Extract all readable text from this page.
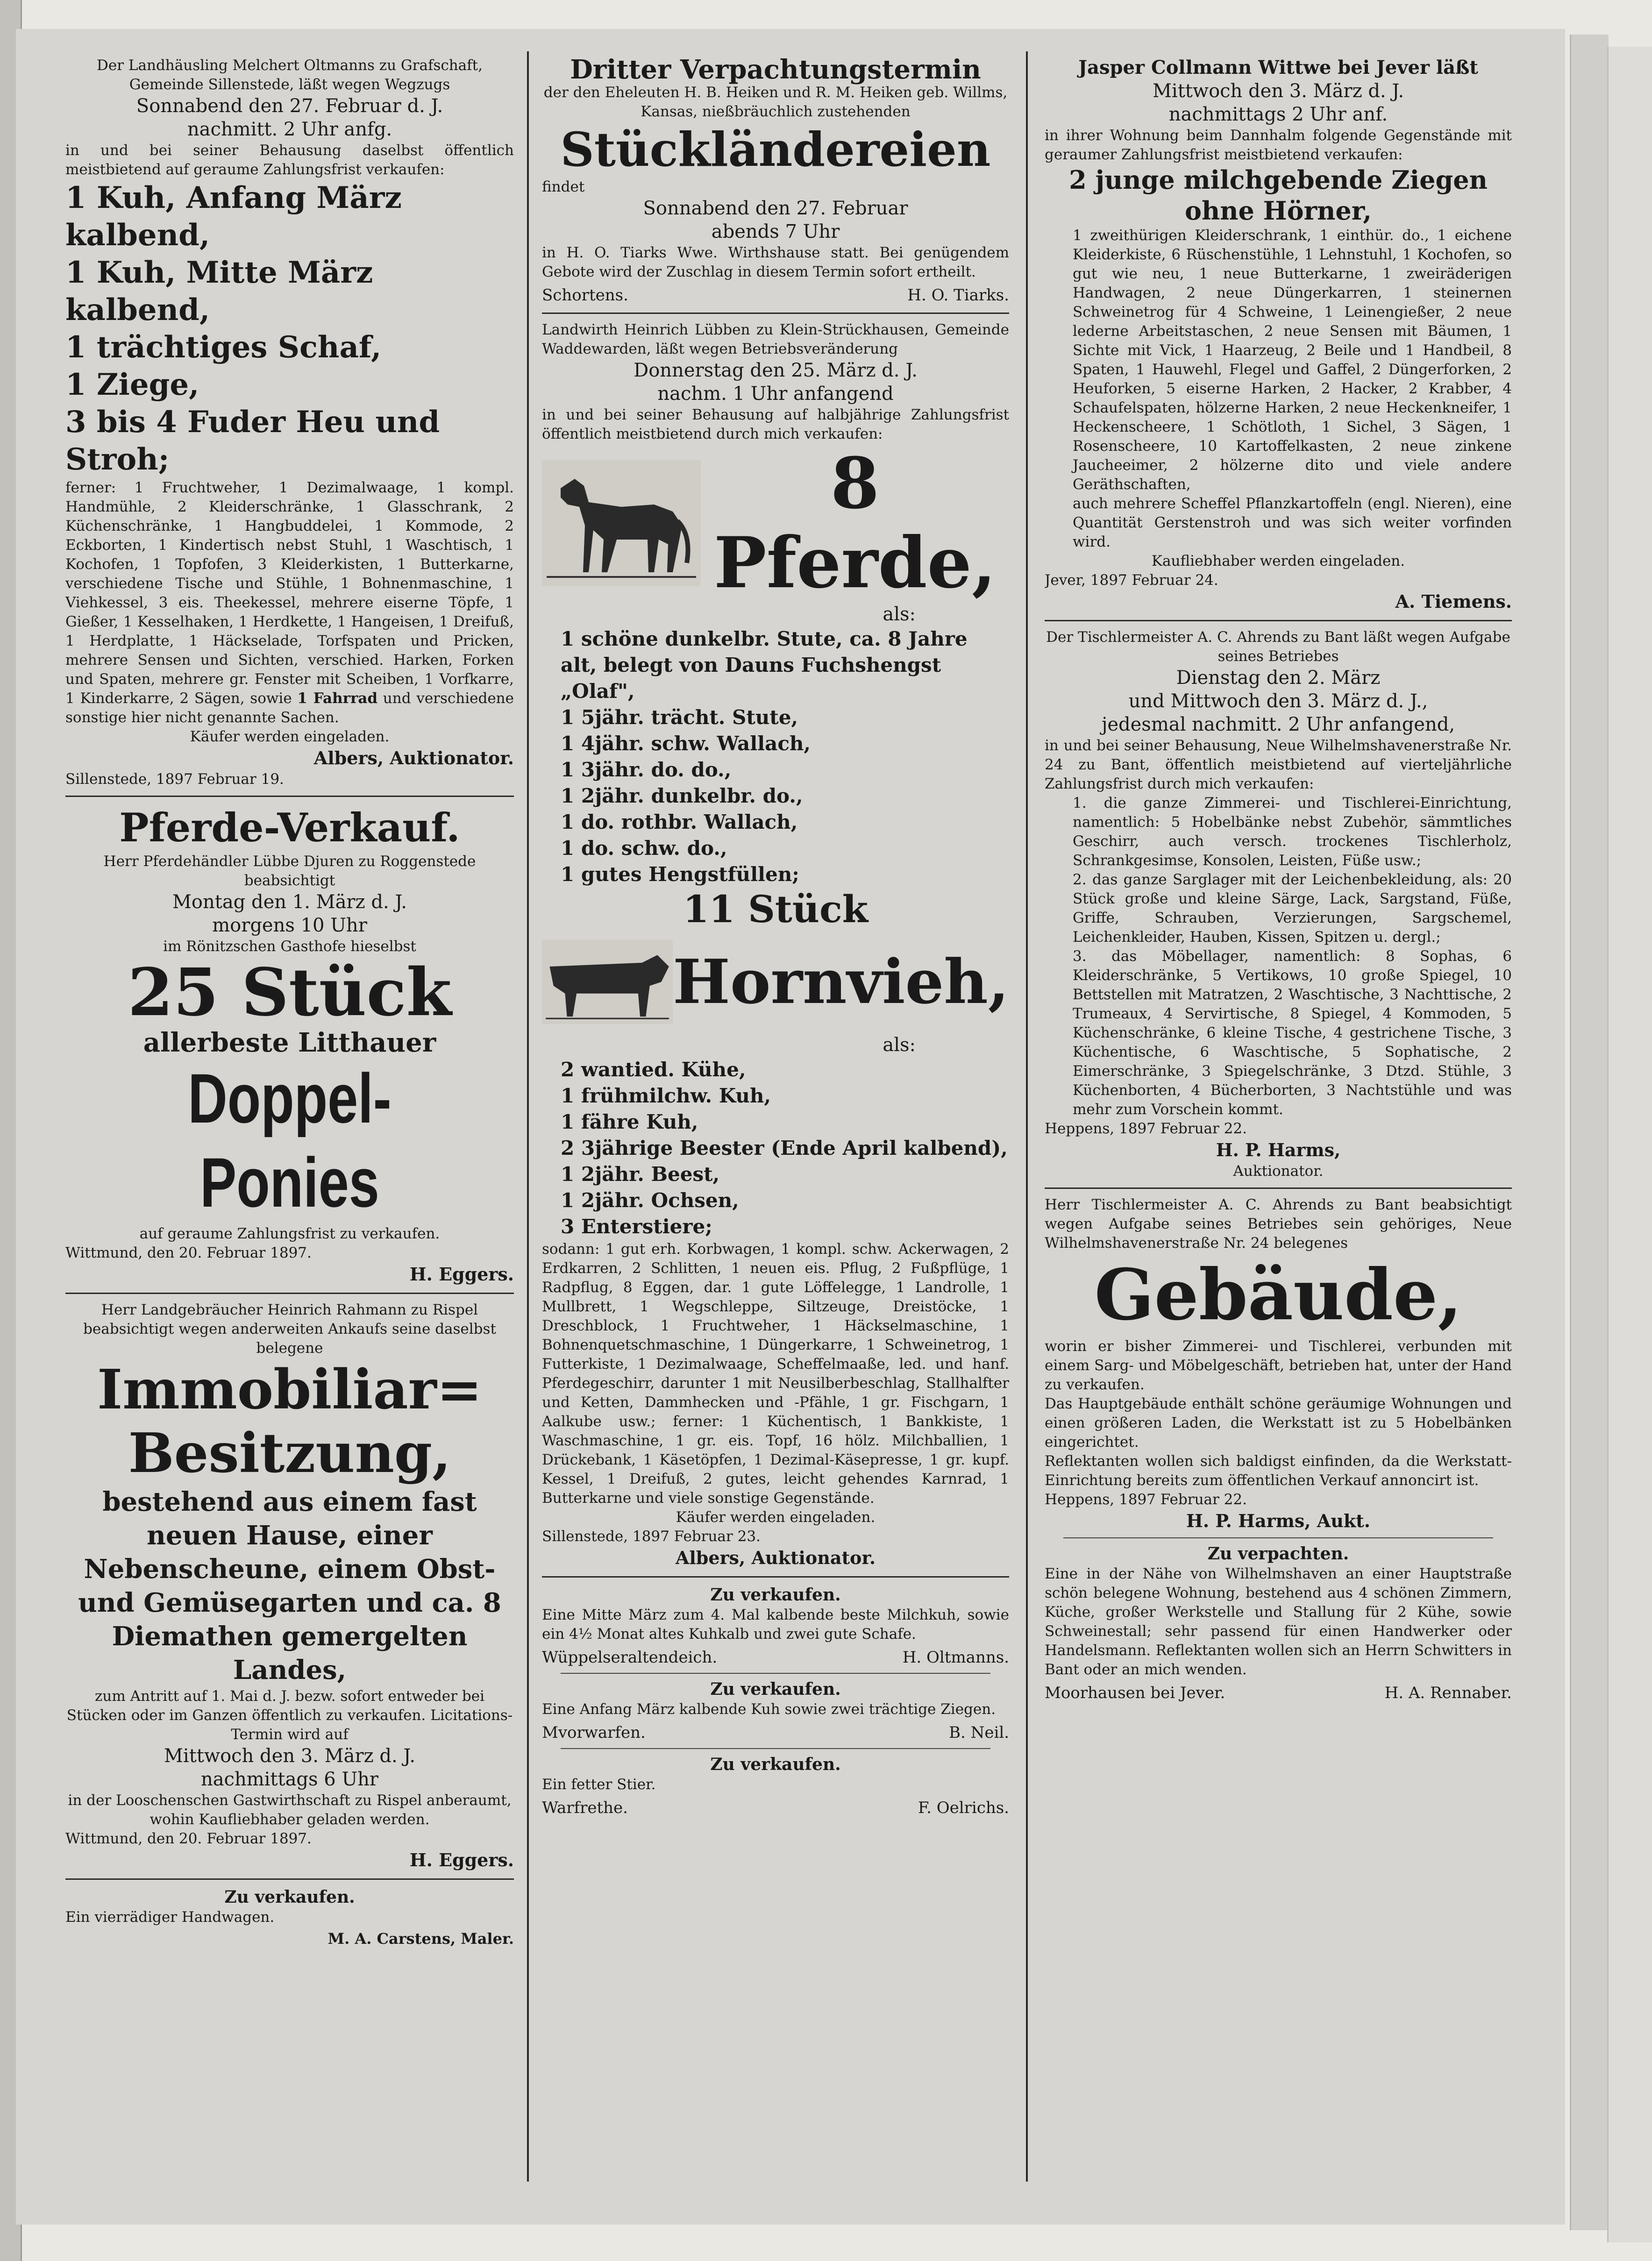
Der Landhäusling Melchert Oltmanns zu Grafschaft, Gemeinde Sillenstede, läßt wegen Wegzugs

Sonnabend den 27. Februar d. J.
nachmitt. 2 Uhr anfg.

in und bei seiner Behausung daselbst öffentlich meistbietend auf geraume Zahlungsfrist verkaufen:

1 Kuh, Anfang März kalbend,

1 Kuh, Mitte März kalbend,

1 trächtiges Schaf,

1 Ziege,

3 bis 4 Fuder Heu und Stroh;

ferner: 1 Fruchtweher, 1 Dezimalwaage, 1 kompl. Handmühle, 2 Kleiderschränke, 1 Glasschrank, 2 Küchenschränke, 1 Hangbuddelei, 1 Kommode, 2 Eckborten, 1 Kindertisch nebst Stuhl, 1 Waschtisch, 1 Kochofen, 1 Topfofen, 3 Kleiderkisten, 1 Butterkarne, verschiedene Tische und Stühle, 1 Bohnenmaschine, 1 Viehkessel, 3 eis. Theekessel, mehrere eiserne Töpfe, 1 Gießer, 1 Kesselhaken, 1 Herdkette, 1 Hangeisen, 1 Dreifuß, 1 Herdplatte, 1 Häckselade, Torfspaten und Pricken, mehrere Sensen und Sichten, verschied. Harken, Forken und Spaten, mehrere gr. Fenster mit Scheiben, 1 Vorfkarre, 1 Kinderkarre, 2 Sägen, sowie 1 Fahrrad und verschiedene sonstige hier nicht genannte Sachen.

Käufer werden eingeladen.

Albers, Auktionator.

Sillenstede, 1897 Februar 19.

Pferde-Verkauf.

Herr Pferdehändler Lübbe Djuren zu Roggenstede beabsichtigt

Montag den 1. März d. J.
morgens 10 Uhr

im Rönitzschen Gasthofe hieselbst

25 Stück
allerbeste Litthauer
Doppel-Ponies

auf geraume Zahlungsfrist zu verkaufen.

Wittmund, den 20. Februar 1897.

H. Eggers.

Herr Landgebräucher Heinrich Rahmann zu Rispel beabsichtigt wegen anderweiten Ankaufs seine daselbst belegene

Immobiliar=
Besitzung,
bestehend aus einem fast neuen Hause, einer Nebenscheune, einem Obst- und Gemüsegarten und ca. 8 Diemathen gemergelten Landes,

zum Antritt auf 1. Mai d. J. bezw. sofort entweder bei Stücken oder im Ganzen öffentlich zu verkaufen. Licitations-Termin wird auf

Mittwoch den 3. März d. J.
nachmittags 6 Uhr

in der Looschenschen Gastwirthschaft zu Rispel anberaumt, wohin Kaufliebhaber geladen werden.

Wittmund, den 20. Februar 1897.

H. Eggers.
Zu verkaufen.

Ein vierrädiger Handwagen.

M. A. Carstens, Maler.
Dritter Verpachtungstermin

der den Eheleuten H. B. Heiken und R. M. Heiken geb. Willms, Kansas, nießbräuchlich zustehenden

Stückländereien

findet

Sonnabend den 27. Februar
abends 7 Uhr

in H. O. Tiarks Wwe. Wirthshause statt. Bei genügendem Gebote wird der Zuschlag in diesem Termin sofort ertheilt.

Schortens.	H. O. Tiarks.

Landwirth Heinrich Lübben zu Klein-Strückhausen, Gemeinde Waddewarden, läßt wegen Betriebsveränderung

Donnerstag den 25. März d. J.
nachm. 1 Uhr anfangend

in und bei seiner Behausung auf halbjährige Zahlungsfrist öffentlich meistbietend durch mich verkaufen:

8 Pferde,
als:

1 schöne dunkelbr. Stute, ca. 8 Jahre alt, belegt von Dauns Fuchshengst „Olaf",

1 5jähr. trächt. Stute,

1 4jähr. schw. Wallach,

1 3jähr. do. do.,

1 2jähr. dunkelbr. do.,

1 do. rothbr. Wallach,

1 do. schw. do.,

1 gutes Hengstfüllen;

11 Stück
Hornvieh,
als:

2 wantied. Kühe,

1 frühmilchw. Kuh,

1 fähre Kuh,

2 3jährige Beester (Ende April kalbend),

1 2jähr. Beest,

1 2jähr. Ochsen,

3 Enterstiere;

sodann: 1 gut erh. Korbwagen, 1 kompl. schw. Ackerwagen, 2 Erdkarren, 2 Schlitten, 1 neuen eis. Pflug, 2 Fußpflüge, 1 Radpflug, 8 Eggen, dar. 1 gute Löffelegge, 1 Landrolle, 1 Mullbrett, 1 Wegschleppe, Siltzeuge, Dreistöcke, 1 Dreschblock, 1 Fruchtweher, 1 Häckselmaschine, 1 Bohnenquetschmaschine, 1 Düngerkarre, 1 Schweinetrog, 1 Futterkiste, 1 Dezimalwaage, Scheffelmaaße, led. und hanf. Pferdegeschirr, darunter 1 mit Neusilberbeschlag, Stallhalfter und Ketten, Dammhecken und -Pfähle, 1 gr. Fischgarn, 1 Aalkube usw.; ferner: 1 Küchentisch, 1 Bankkiste, 1 Waschmaschine, 1 gr. eis. Topf, 16 hölz. Milchballien, 1 Drückebank, 1 Käsetöpfen, 1 Dezimal-Käsepresse, 1 gr. kupf. Kessel, 1 Dreifuß, 2 gutes, leicht gehendes Karnrad, 1 Butterkarne und viele sonstige Gegenstände.

Käufer werden eingeladen.

Sillenstede, 1897 Februar 23.

Albers, Auktionator.
Zu verkaufen.

Eine Mitte März zum 4. Mal kalbende beste Milchkuh, sowie ein 4½ Monat altes Kuhkalb und zwei gute Schafe.

Wüppelseraltendeich.	H. Oltmanns.
Zu verkaufen.

Eine Anfang März kalbende Kuh sowie zwei trächtige Ziegen.

Mvorwarfen.	B. Neil.
Zu verkaufen.

Ein fetter Stier.

Warfrethe.	F. Oelrichs.
Jasper Collmann Wittwe bei Jever läßt
Mittwoch den 3. März d. J.
nachmittags 2 Uhr anf.

in ihrer Wohnung beim Dannhalm folgende Gegenstände mit geraumer Zahlungsfrist meistbietend verkaufen:

2 junge milchgebende Ziegen ohne Hörner,

1 zweithürigen Kleiderschrank, 1 einthür. do., 1 eichene Kleiderkiste, 6 Rüschenstühle, 1 Lehnstuhl, 1 Kochofen, so gut wie neu, 1 neue Butterkarne, 1 zweiräderigen Handwagen, 2 neue Düngerkarren, 1 steinernen Schweinetrog für 4 Schweine, 1 Leinengießer, 2 neue lederne Arbeitstaschen, 2 neue Sensen mit Bäumen, 1 Sichte mit Vick, 1 Haarzeug, 2 Beile und 1 Handbeil, 8 Spaten, 1 Hauwehl, Flegel und Gaffel, 2 Düngerforken, 2 Heuforken, 5 eiserne Harken, 2 Hacker, 2 Krabber, 4 Schaufelspaten, hölzerne Harken, 2 neue Heckenkneifer, 1 Heckenscheere, 1 Schötloth, 1 Sichel, 3 Sägen, 1 Rosenscheere, 10 Kartoffelkasten, 2 neue zinkene Jaucheeimer, 2 hölzerne dito und viele andere Geräthschaften,

auch mehrere Scheffel Pflanzkartoffeln (engl. Nieren), eine Quantität Gerstenstroh und was sich weiter vorfinden wird.

Kaufliebhaber werden eingeladen.

Jever, 1897 Februar 24.

A. Tiemens.

Der Tischlermeister A. C. Ahrends zu Bant läßt wegen Aufgabe seines Betriebes

Dienstag den 2. März
und Mittwoch den 3. März d. J.,
jedesmal nachmitt. 2 Uhr anfangend,

in und bei seiner Behausung, Neue Wilhelmshavenerstraße Nr. 24 zu Bant, öffentlich meistbietend auf vierteljährliche Zahlungsfrist durch mich verkaufen:

1. die ganze Zimmerei- und Tischlerei-Einrichtung, namentlich: 5 Hobelbänke nebst Zubehör, sämmtliches Geschirr, auch versch. trockenes Tischlerholz, Schrankgesimse, Konsolen, Leisten, Füße usw.;

2. das ganze Sarglager mit der Leichenbekleidung, als: 20 Stück große und kleine Särge, Lack, Sargstand, Füße, Griffe, Schrauben, Verzierungen, Sargschemel, Leichenkleider, Hauben, Kissen, Spitzen u. dergl.;

3. das Möbellager, namentlich: 8 Sophas, 6 Kleiderschränke, 5 Vertikows, 10 große Spiegel, 10 Bettstellen mit Matratzen, 2 Waschtische, 3 Nachttische, 2 Trumeaux, 4 Servirtische, 8 Spiegel, 4 Kommoden, 5 Küchenschränke, 6 kleine Tische, 4 gestrichene Tische, 3 Küchentische, 6 Waschtische, 5 Sophatische, 2 Eimerschränke, 3 Spiegelschränke, 3 Dtzd. Stühle, 3 Küchenborten, 4 Bücherborten, 3 Nachtstühle und was mehr zum Vorschein kommt.

Heppens, 1897 Februar 22.

H. P. Harms,

Auktionator.

Herr Tischlermeister A. C. Ahrends zu Bant beabsichtigt wegen Aufgabe seines Betriebes sein gehöriges, Neue Wilhelmshavenerstraße Nr. 24 belegenes

Gebäude,

worin er bisher Zimmerei- und Tischlerei, verbunden mit einem Sarg- und Möbelgeschäft, betrieben hat, unter der Hand zu verkaufen.

Das Hauptgebäude enthält schöne geräumige Wohnungen und einen größeren Laden, die Werkstatt ist zu 5 Hobelbänken eingerichtet.

Reflektanten wollen sich baldigst einfinden, da die Werkstatt-Einrichtung bereits zum öffentlichen Verkauf annoncirt ist.

Heppens, 1897 Februar 22.

H. P. Harms, Aukt.
Zu verpachten.

Eine in der Nähe von Wilhelmshaven an einer Hauptstraße schön belegene Wohnung, bestehend aus 4 schönen Zimmern, Küche, großer Werkstelle und Stallung für 2 Kühe, sowie Schweinestall; sehr passend für einen Handwerker oder Handelsmann. Reflektanten wollen sich an Herrn Schwitters in Bant oder an mich wenden.

Moorhausen bei Jever.	H. A. Rennaber.
